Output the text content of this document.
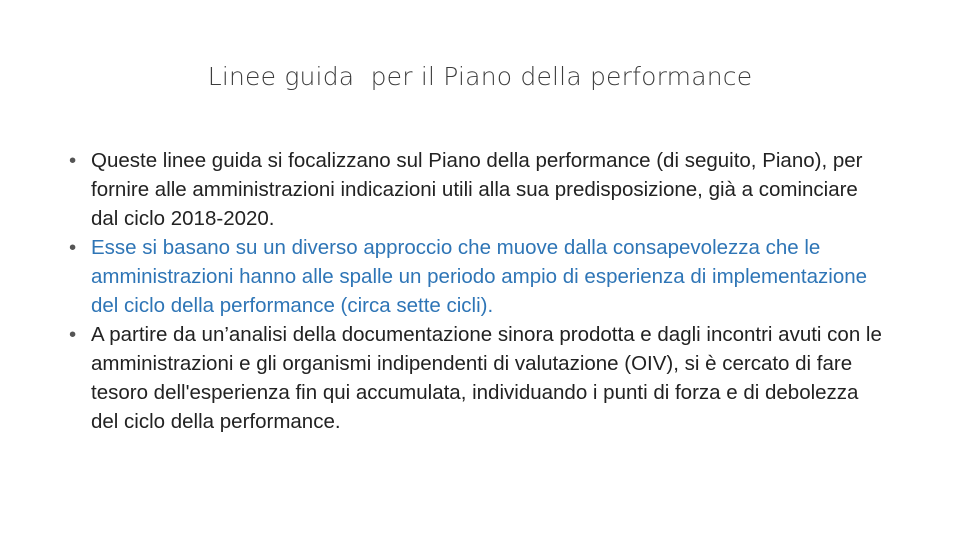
Linee guida  per il Piano della performance
• Queste linee guida si focalizzano sul Piano della performance (di seguito, Piano), per fornire alle amministrazioni indicazioni utili alla sua predisposizione, già a cominciare dal ciclo 2018-2020.
• Esse si basano su un diverso approccio che muove dalla consapevolezza che le amministrazioni hanno alle spalle un periodo ampio di esperienza di implementazione del ciclo della performance (circa sette cicli).
• A partire da un’analisi della documentazione sinora prodotta e dagli incontri avuti con le amministrazioni e gli organismi indipendenti di valutazione (OIV), si è cercato di fare tesoro dell'esperienza fin qui accumulata, individuando i punti di forza e di debolezza del ciclo della performance.
